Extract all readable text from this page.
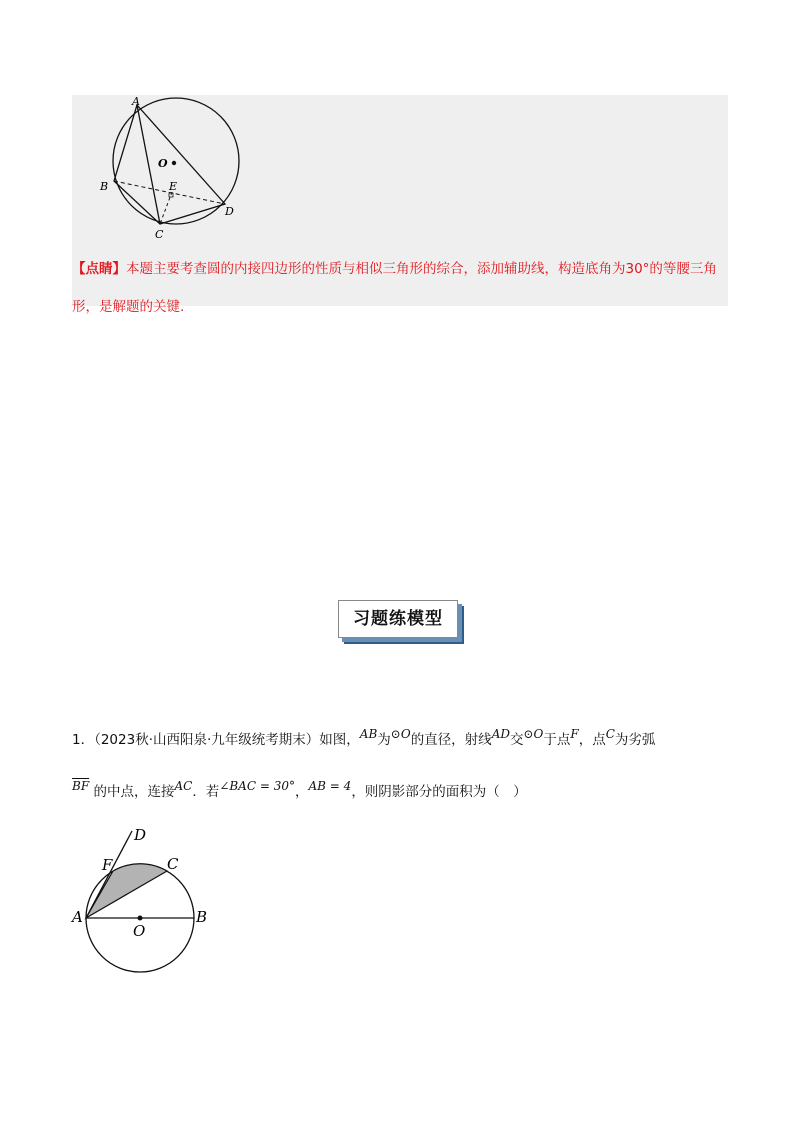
A
O
B	E
D
C
【点睛】本题主要考查圆的内接四边形的性质与相似三角形的综合，添加辅助线，构造底角为30°的等腰三角形，是解题的关键.
习题练模型
1．（2023秋·山西阳泉·九年级统考期末）如图，AB为⊙O的直径，射线AD交⊙O于点F，点C为劣弧
$\overline{BF}$ 的中点，连接AC．若∠BAC = 30°，AB = 4，则阴影部分的面积为（　）
D
F	C
A
O
B
